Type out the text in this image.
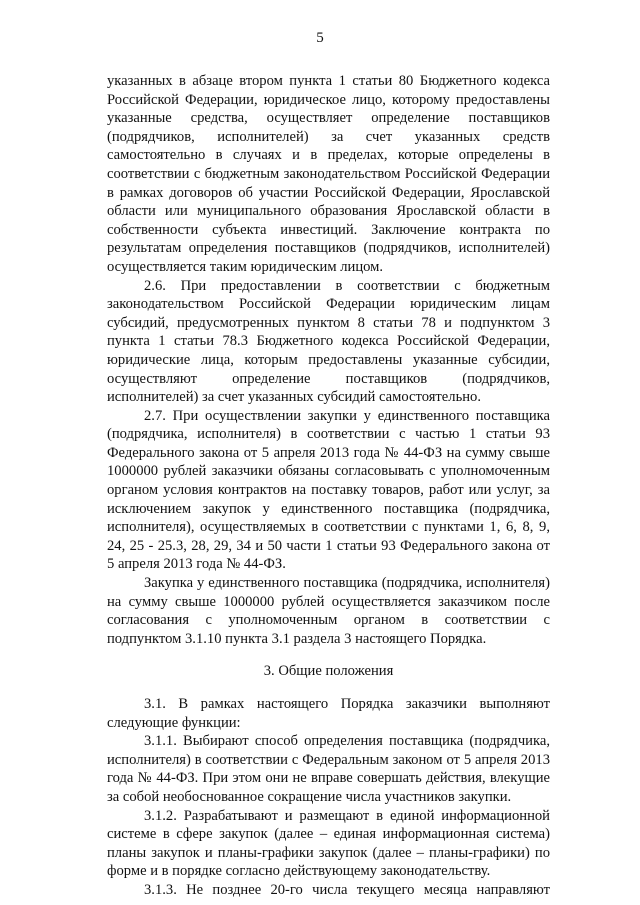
5

указанных в абзаце втором пункта 1 статьи 80 Бюджетного кодекса Российской Федерации, юридическое лицо, которому предоставлены указанные средства, осуществляет определение поставщиков (подрядчиков, исполнителей) за счет указанных средств самостоятельно в случаях и в пределах, которые определены в соответствии с бюджетным законодательством Российской Федерации в рамках договоров об участии Российской Федерации, Ярославской области или муниципального образования Ярославской области в собственности субъекта инвестиций. Заключение контракта по результатам определения поставщиков (подрядчиков, исполнителей) осуществляется таким юридическим лицом.

2.6. При предоставлении в соответствии с бюджетным законодательством Российской Федерации юридическим лицам субсидий, предусмотренных пунктом 8 статьи 78 и подпунктом 3 пункта 1 статьи 78.3 Бюджетного кодекса Российской Федерации, юридические лица, которым предоставлены указанные субсидии, осуществляют определение поставщиков (подрядчиков, исполнителей) за счет указанных субсидий самостоятельно.

2.7. При осуществлении закупки у единственного поставщика (подрядчика, исполнителя) в соответствии с частью 1 статьи 93 Федерального закона от 5 апреля 2013 года № 44-ФЗ на сумму свыше 1000000 рублей заказчики обязаны согласовывать с уполномоченным органом условия контрактов на поставку товаров, работ или услуг, за исключением закупок у единственного поставщика (подрядчика, исполнителя), осуществляемых в соответствии с пунктами 1, 6, 8, 9, 24, 25 - 25.3, 28, 29, 34 и 50 части 1 статьи 93 Федерального закона от 5 апреля 2013 года № 44-ФЗ.

Закупка у единственного поставщика (подрядчика, исполнителя) на сумму свыше 1000000 рублей осуществляется заказчиком после согласования с уполномоченным органом в соответствии с подпунктом 3.1.10 пункта 3.1 раздела 3 настоящего Порядка.

3. Общие положения

3.1. В рамках настоящего Порядка заказчики выполняют следующие функции:

3.1.1. Выбирают способ определения поставщика (подрядчика, исполнителя) в соответствии с Федеральным законом от 5 апреля 2013 года № 44-ФЗ. При этом они не вправе совершать действия, влекущие за собой необоснованное сокращение числа участников закупки.

3.1.2. Разрабатывают и размещают в единой информационной системе в сфере закупок (далее – единая информационная система) планы закупок и планы-графики закупок (далее – планы-графики) по форме и в порядке согласно действующему законодательству.

3.1.3. Не позднее 20-го числа текущего месяца направляют
